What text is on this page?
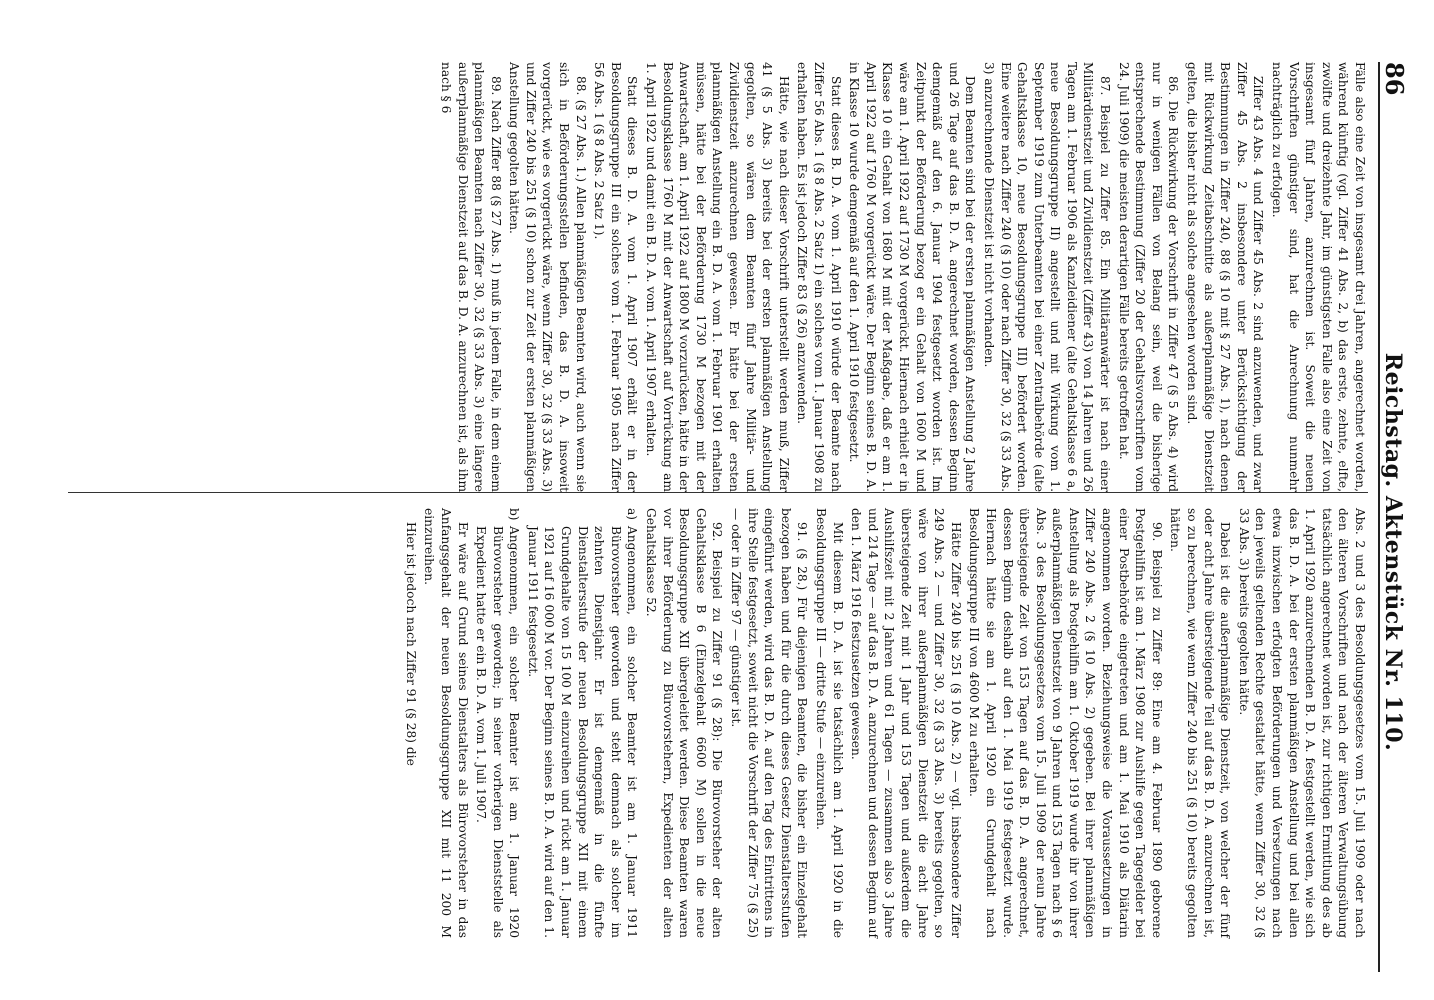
86
Reichstag. Aktenstück Nr. 110.

Fälle also eine Zeit von insgesamt drei Jahren, angerechnet worden, während künftig (vgl. Ziffer 41 Abs. 2, b) das erste, zehnte, elfte, zwölfte und dreizehnte Jahr, im günstigsten Falle also eine Zeit von insgesamt fünf Jahren, anzurechnen ist. Soweit die neuen Vorschriften günstiger sind, hat die Anrechnung nunmehr nachträglich zu erfolgen.

Ziffer 43 Abs. 4 und Ziffer 45 Abs. 2 sind anzuwenden, und zwar Ziffer 45 Abs. 2 insbesondere unter Berücksichtigung der Bestimmungen in Ziffer 240, 88 (§ 10 mit § 27 Abs. 1), nach denen mit Rückwirkung Zeitabschnitte als außerplanmäßige Dienstzeit gelten, die bisher nicht als solche angesehen worden sind.

86. Die Rückwirkung der Vorschrift in Ziffer 47 (§ 5 Abs. 4) wird nur in wenigen Fällen von Belang sein, weil die bisherige entsprechende Bestimmung (Ziffer 20 der Gehaltsvorschriften vom 24. Juli 1909) die meisten derartigen Fälle bereits getroffen hat.

87. Beispiel zu Ziffer 85. Ein Militäranwärter ist nach einer Militärdienstzeit und Zivildienstzeit (Ziffer 43) von 14 Jahren und 26 Tagen am 1. Februar 1906 als Kanzleidiener (alte Gehaltsklasse 6 a, neue Besoldungsgruppe II) angestellt und mit Wirkung vom 1. September 1919 zum Unterbeamten bei einer Zentralbehörde (alte Gehaltsklasse 10, neue Besoldungsgruppe III) befördert worden. Eine weitere nach Ziffer 240 (§ 10) oder nach Ziffer 30, 32 (§ 33 Abs. 3) anzurechnende Dienstzeit ist nicht vorhanden.

Dem Beamten sind bei der ersten planmäßigen Anstellung 2 Jahre und 26 Tage auf das B. D. A. angerechnet worden, dessen Beginn demgemäß auf den 6. Januar 1904 festgesetzt worden ist. Im Zeitpunkt der Beförderung bezog er ein Gehalt von 1600 M und wäre am 1. April 1922 auf 1730 M vorgerückt. Hiernach erhielt er in Klasse 10 ein Gehalt von 1680 M mit der Maßgabe, daß er am 1. April 1922 auf 1760 M vorgerückt wäre. Der Beginn seines B. D. A. in Klasse 10 wurde demgemäß auf den 1. April 1910 festgesetzt.

Statt dieses B. D. A. vom 1. April 1910 würde der Beamte nach Ziffer 56 Abs. 1 (§ 8 Abs. 2 Satz 1) ein solches vom 1. Januar 1908 zu erhalten haben. Es ist jedoch Ziffer 83 (§ 26) anzuwenden.

Hätte, wie nach dieser Vorschrift unterstellt werden muß, Ziffer 41 (§ 5 Abs. 3) bereits bei der ersten planmäßigen Anstellung gegolten, so wären dem Beamten fünf Jahre Militär- und Zivildienstzeit anzurechnen gewesen. Er hätte bei der ersten planmäßigen Anstellung ein B. D. A. vom 1. Februar 1901 erhalten müssen, hätte bei der Beförderung 1730 M bezogen mit der Anwartschaft, am 1. April 1922 auf 1800 M vorzurücken, hätte in der Besoldungsklasse 1760 M mit der Anwartschaft auf Vorrückung am 1. April 1922 und damit ein B. D. A. vom 1. April 1907 erhalten.

Statt dieses B. D. A. vom 1. April 1907 erhält er in der Besoldungsgruppe III ein solches vom 1. Februar 1905 nach Ziffer 56 Abs. 1 (§ 8 Abs. 2 Satz 1).

88. (§ 27 Abs. 1.) Allen planmäßigen Beamten wird, auch wenn sie sich in Beförderungsstellen befinden, das B. D. A. insoweit vorgerückt, wie es vorgerückt wäre, wenn Ziffer 30, 32 (§ 33 Abs. 3) und Ziffer 240 bis 251 (§ 10) schon zur Zeit der ersten planmäßigen Anstellung gegolten hätten.

89. Nach Ziffer 88 (§ 27 Abs. 1) muß in jedem Falle, in dem einem planmäßigen Beamten nach Ziffer 30, 32 (§ 33 Abs. 3) eine längere außerplanmäßige Dienstzeit auf das B. D. A. anzurechnen ist, als ihm nach § 6

Abs. 2 und 3 des Besoldungsgesetzes vom 15. Juli 1909 oder nach den älteren Vorschriften und nach der älteren Verwaltungsübung tatsächlich angerechnet worden ist, zur richtigen Ermittlung des ab 1. April 1920 anzurechnenden B. D. A. festgestellt werden, wie sich das B. D. A. bei der ersten planmäßigen Anstellung und bei allen etwa inzwischen erfolgten Beförderungen und Versetzungen nach den jeweils geltenden Rechte gestaltet hätte, wenn Ziffer 30, 32 (§ 33 Abs. 3) bereits gegolten hätte.

Dabei ist die außerplanmäßige Dienstzeit, von welcher der fünf oder acht Jahre übersteigende Teil auf das B. D. A. anzurechnen ist, so zu berechnen, wie wenn Ziffer 240 bis 251 (§ 10) bereits gegolten hätten.

90. Beispiel zu Ziffer 89: Eine am 4. Februar 1890 geborene Postgehilfin ist am 1. März 1908 zur Aushilfe gegen Tagegelder bei einer Postbehörde eingetreten und am 1. Mai 1910 als Diätarin angenommen worden. Beziehungsweise die Voraussetzungen in Ziffer 240 Abs. 2 (§ 10 Abs. 2) gegeben. Bei ihrer planmäßigen Anstellung als Postgehilfin am 1. Oktober 1919 wurde ihr von ihrer außerplanmäßigen Dienstzeit von 9 Jahren und 153 Tagen nach § 6 Abs. 3 des Besoldungsgesetzes vom 15. Juli 1909 der neun Jahre übersteigende Zeit von 153 Tagen auf das B. D. A. angerechnet, dessen Beginn deshalb auf den 1. Mai 1919 festgesetzt wurde. Hiernach hätte sie am 1. April 1920 ein Grundgehalt nach Besoldungsgruppe III von 4600 M zu erhalten.

Hätte Ziffer 240 bis 251 (§ 10 Abs. 2) — vgl. insbesondere Ziffer 249 Abs. 2 — und Ziffer 30, 32 (§ 33 Abs. 3) bereits gegolten, so wäre von ihrer außerplanmäßigen Dienstzeit die acht Jahre übersteigende Zeit mit 1 Jahr und 153 Tagen und außerdem die Aushilfszeit mit 2 Jahren und 61 Tagen — zusammen also 3 Jahre und 214 Tage — auf das B. D. A. anzurechnen und dessen Beginn auf den 1. März 1916 festzusetzen gewesen.

Mit diesem B. D. A. ist sie tatsächlich am 1. April 1920 in die Besoldungsgruppe III — dritte Stufe — einzureihen.

91. (§ 28.) Für diejenigen Beamten, die bisher ein Einzelgehalt bezogen haben und für die durch dieses Gesetz Dienstaltersstufen eingeführt werden, wird das B. D. A. auf den Tag des Eintrittens in ihre Stelle festgesetzt, soweit nicht die Vorschrift der Ziffer 75 (§ 25) — oder in Ziffer 97 — günstiger ist.

92. Beispiel zu Ziffer 91 (§ 28): Die Bürovorsteher der alten Gehaltsklasse B 6 (Einzelgehalt 6600 M) sollen in die neue Besoldungsgruppe XII übergeleitet werden. Diese Beamten waren vor ihrer Beförderung zu Bürovorstehern, Expedienten der alten Gehaltsklasse 52.

a)
Angenommen, ein solcher Beamter ist am 1. Januar 1911 Bürovorsteher geworden und steht demnach als solcher im zehnten Dienstjahr. Er ist demgemäß in die fünfte Dienstaltersstufe der neuen Besoldungsgruppe XII mit einem Grundgehalte von 15 100 M einzureihen und rückt am 1. Januar 1921 auf 16 000 M vor. Der Beginn seines B. D. A. wird auf den 1. Januar 1911 festgesetzt.

b)
Angenommen, ein solcher Beamter ist am 1. Januar 1920 Bürovorsteher geworden; in seiner vorherigen Dienststelle als Expedient hatte er ein B. D. A. vom 1. Juli 1907.

Er wäre auf Grund seines Dienstalters als Bürovorsteher in das Anfangsgehalt der neuen Besoldungsgruppe XII mit 11 200 M einzureihen.

Hier ist jedoch nach Ziffer 91 (§ 28) die
